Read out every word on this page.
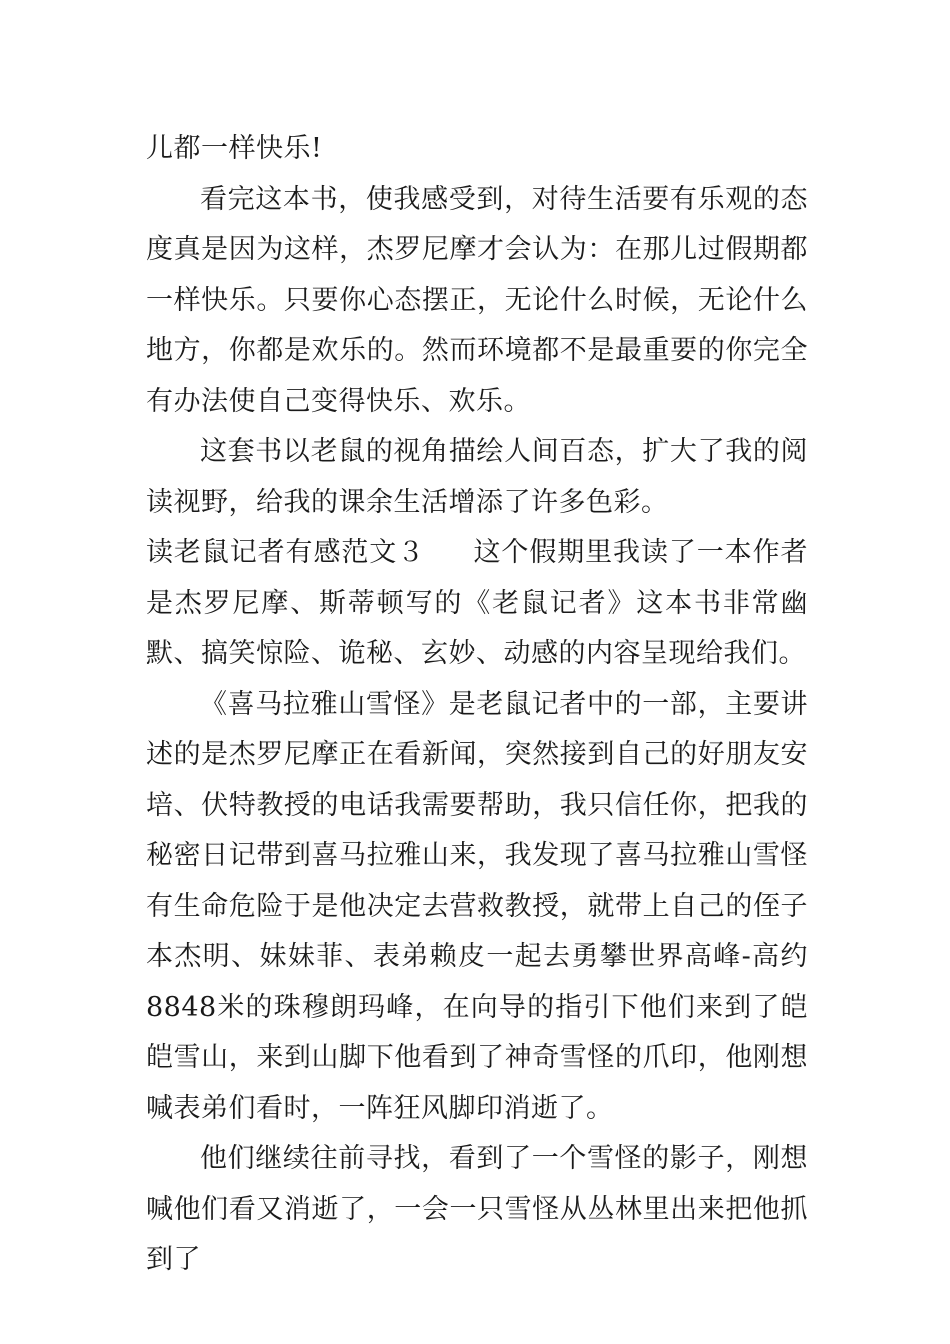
儿都一样快乐!

看完这本书，使我感受到，对待生活要有乐观的态度真是因为这样，杰罗尼摩才会认为：在那儿过假期都一样快乐。只要你心态摆正，无论什么时候，无论什么地方，你都是欢乐的。然而环境都不是最重要的你完全有办法使自己变得快乐、欢乐。

这套书以老鼠的视角描绘人间百态，扩大了我的阅读视野，给我的课余生活增添了许多色彩。

读老鼠记者有感范文３ 这个假期里我读了一本作者是杰罗尼摩、斯蒂顿写的《老鼠记者》这本书非常幽默、搞笑惊险、诡秘、玄妙、动感的内容呈现给我们。

《喜马拉雅山雪怪》是老鼠记者中的一部，主要讲述的是杰罗尼摩正在看新闻，突然接到自己的好朋友安培、伏特教授的电话我需要帮助，我只信任你，把我的秘密日记带到喜马拉雅山来，我发现了喜马拉雅山雪怪有生命危险于是他决定去营救教授，就带上自己的侄子本杰明、妹妹菲、表弟赖皮一起去勇攀世界高峰-高约8848米的珠穆朗玛峰，在向导的指引下他们来到了皑皑雪山，来到山脚下他看到了神奇雪怪的爪印，他刚想喊表弟们看时，一阵狂风脚印消逝了。

他们继续往前寻找，看到了一个雪怪的影子，刚想喊他们看又消逝了，一会一只雪怪从丛林里出来把他抓到了
